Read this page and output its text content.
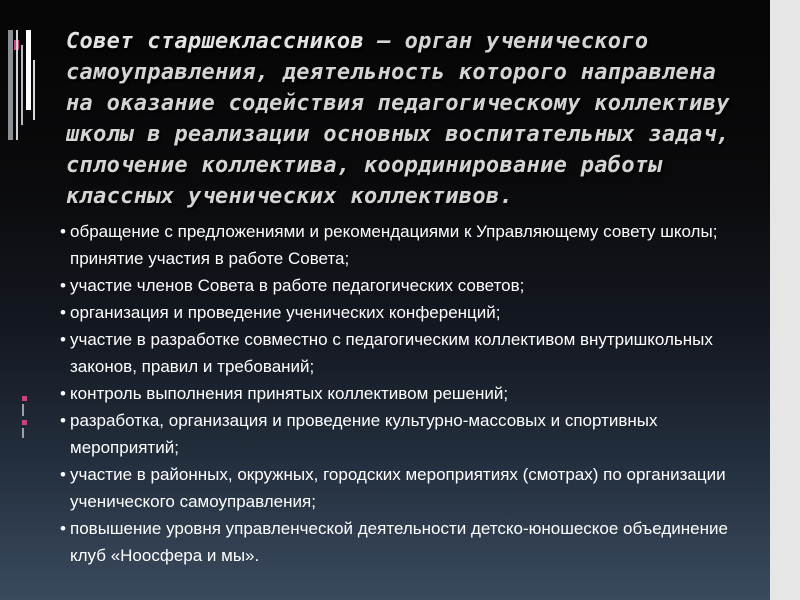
Совет старшеклассников – орган ученического самоуправления, деятельность которого направлена на оказание содействия педагогическому коллективу школы в реализации основных воспитательных задач, сплочение коллектива, координирование работы классных ученических коллективов.

• обращение с предложениями и рекомендациями к Управляющему совету школы; принятие участия в работе Совета;
• участие членов Совета в работе педагогических советов;
• организация и проведение ученических конференций;
• участие в разработке совместно с педагогическим коллективом внутришкольных законов, правил и требований;
• контроль выполнения принятых коллективом решений;
• разработка, организация и проведение культурно-массовых и спортивных мероприятий;
• участие в районных, окружных, городских мероприятиях (смотрах) по организации ученического самоуправления;
• повышение уровня управленческой деятельности детско-юношеское объединение клуб «Ноосфера и мы».
